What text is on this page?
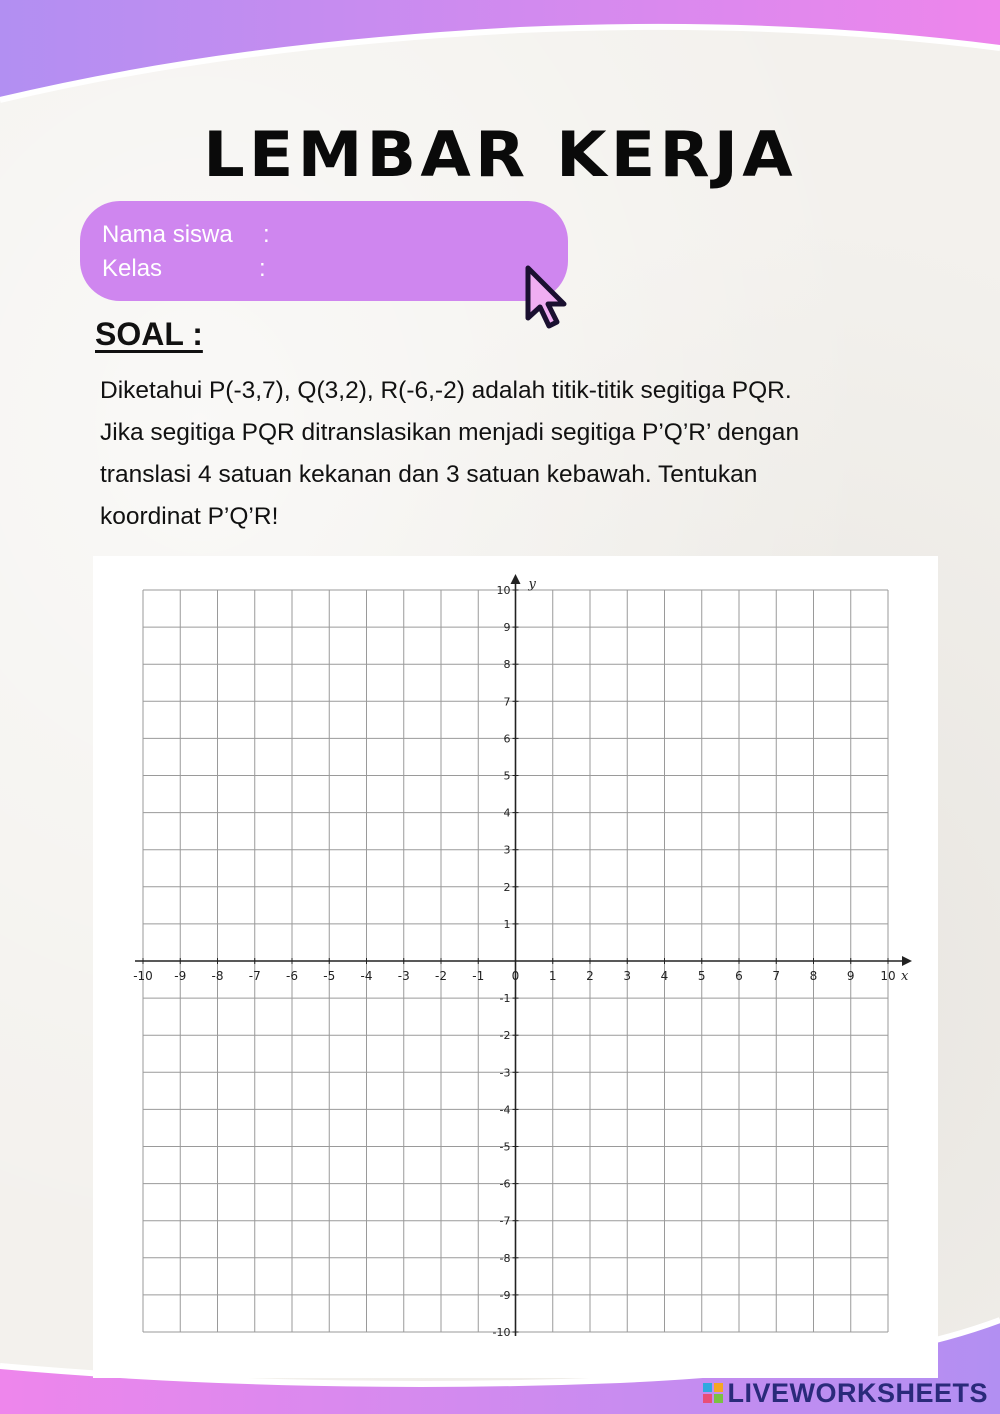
LEMBAR KERJA
Nama siswa :
Kelas	:
SOAL :

Diketahui P(-3,7), Q(3,2), R(-6,-2) adalah titik-titik segitiga PQR.
Jika segitiga PQR ditranslasikan menjadi segitiga P’Q’R’ dengan
translasi 4 satuan kekanan dan 3 satuan kebawah. Tentukan
koordinat P’Q’R!

-10 -9 -8 -7 -6 -5 -4 -3 -2 -1 0 1 2 3 4 5 6 7 8 9 10
10
9
8
7
6
5
4
3
2
1
-1
-2
-3
-4
-5
-6
-7
-8
-9
-10
x
y
LIVEWORKSHEETS
